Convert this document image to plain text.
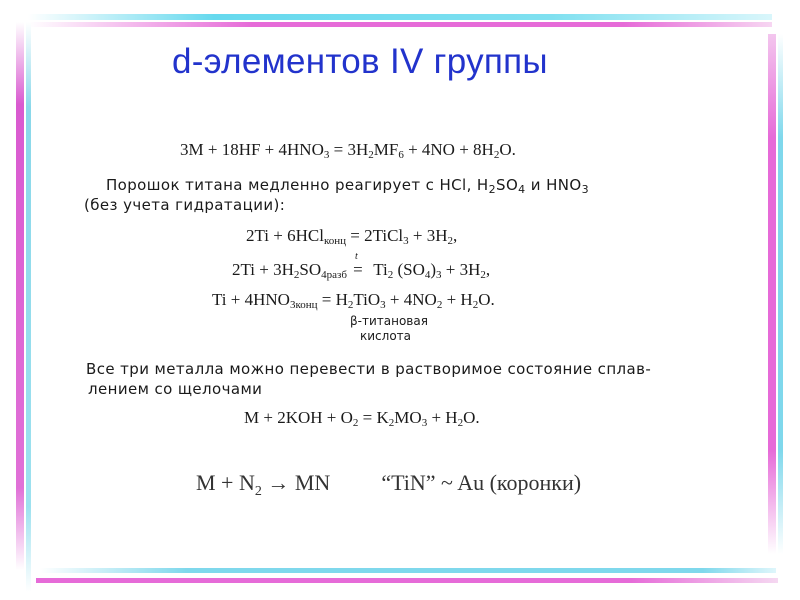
d-элементов IV группы
$3M + 18HF + 4HNO_3 = 3H_2MF_6 + 4NO + 8H_2O$.
Порошок титана медленно реагирует с HCl, $H_2SO_4$ и $HNO_3$
(без учета гидратации):
2Ti + 6HCl$_{конц}$ = 2TiCl$_3$ + $3H_2$,
$2Ti + 3H_2SO_{4разб}$
t
= $Ti_2$ $(SO_4)_3 + 3H_2$,
$Ti + 4HNO_{3конц} = H_2TiO_3 + 4NO_2 + H_2O$.
β-титановая
кислота
Все три металла можно перевести в растворимое состояние сплав-
лением со щелочами
$M + 2KOH + O_2 = K_2MO_3 + H_2O$.
$M + N_2$ → MN “TiN” ~ Au (коронки)
